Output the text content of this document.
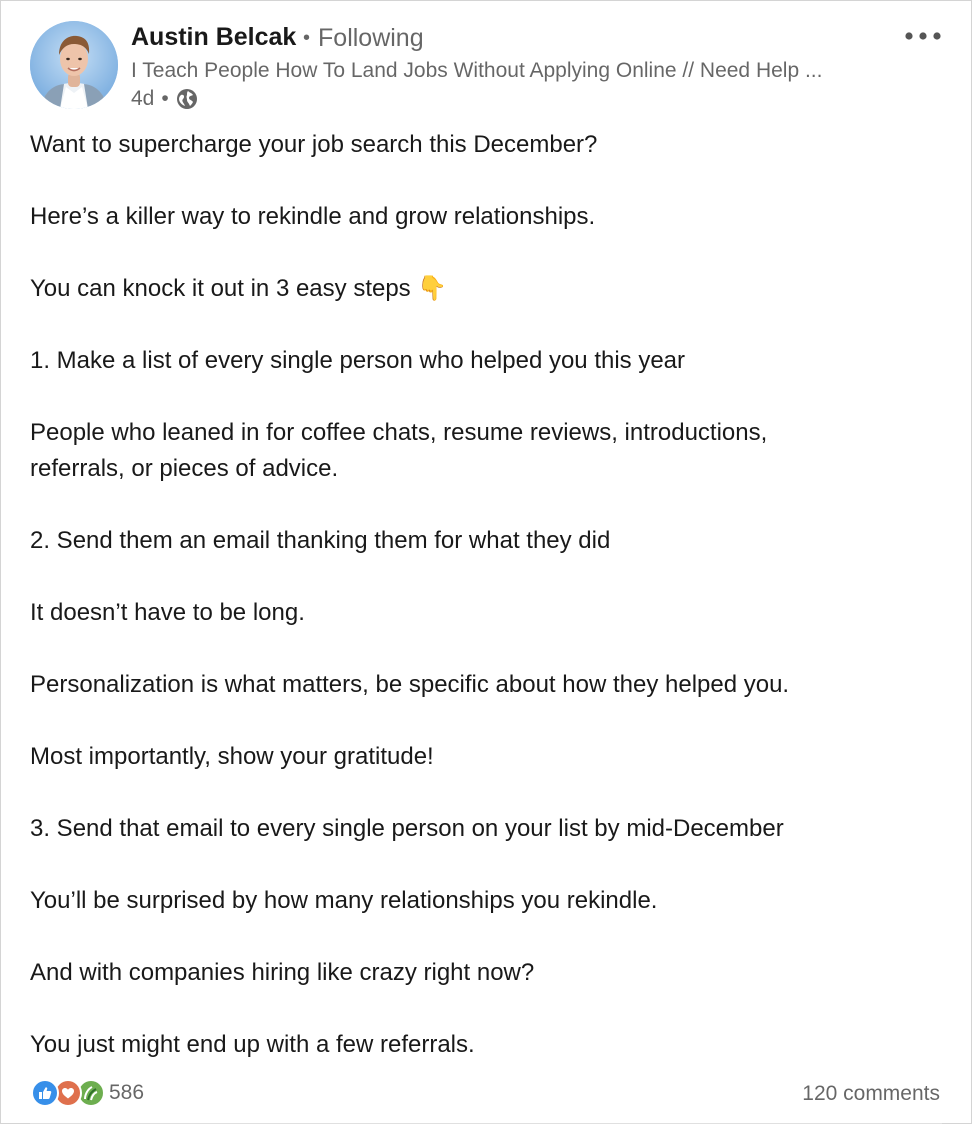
Austin Belcak • Following
I Teach People How To Land Jobs Without Applying Online // Need Help ...
4d •

Want to supercharge your job search this December?

Here’s a killer way to rekindle and grow relationships.

You can knock it out in 3 easy steps 👇

1. Make a list of every single person who helped you this year

People who leaned in for coffee chats, resume reviews, introductions, referrals, or pieces of advice.

2. Send them an email thanking them for what they did

It doesn’t have to be long.

Personalization is what matters, be specific about how they helped you.

Most importantly, show your gratitude!

3. Send that email to every single person on your list by mid-December

You’ll be surprised by how many relationships you rekindle.

And with companies hiring like crazy right now?

You just might end up with a few referrals.

586	120 comments
